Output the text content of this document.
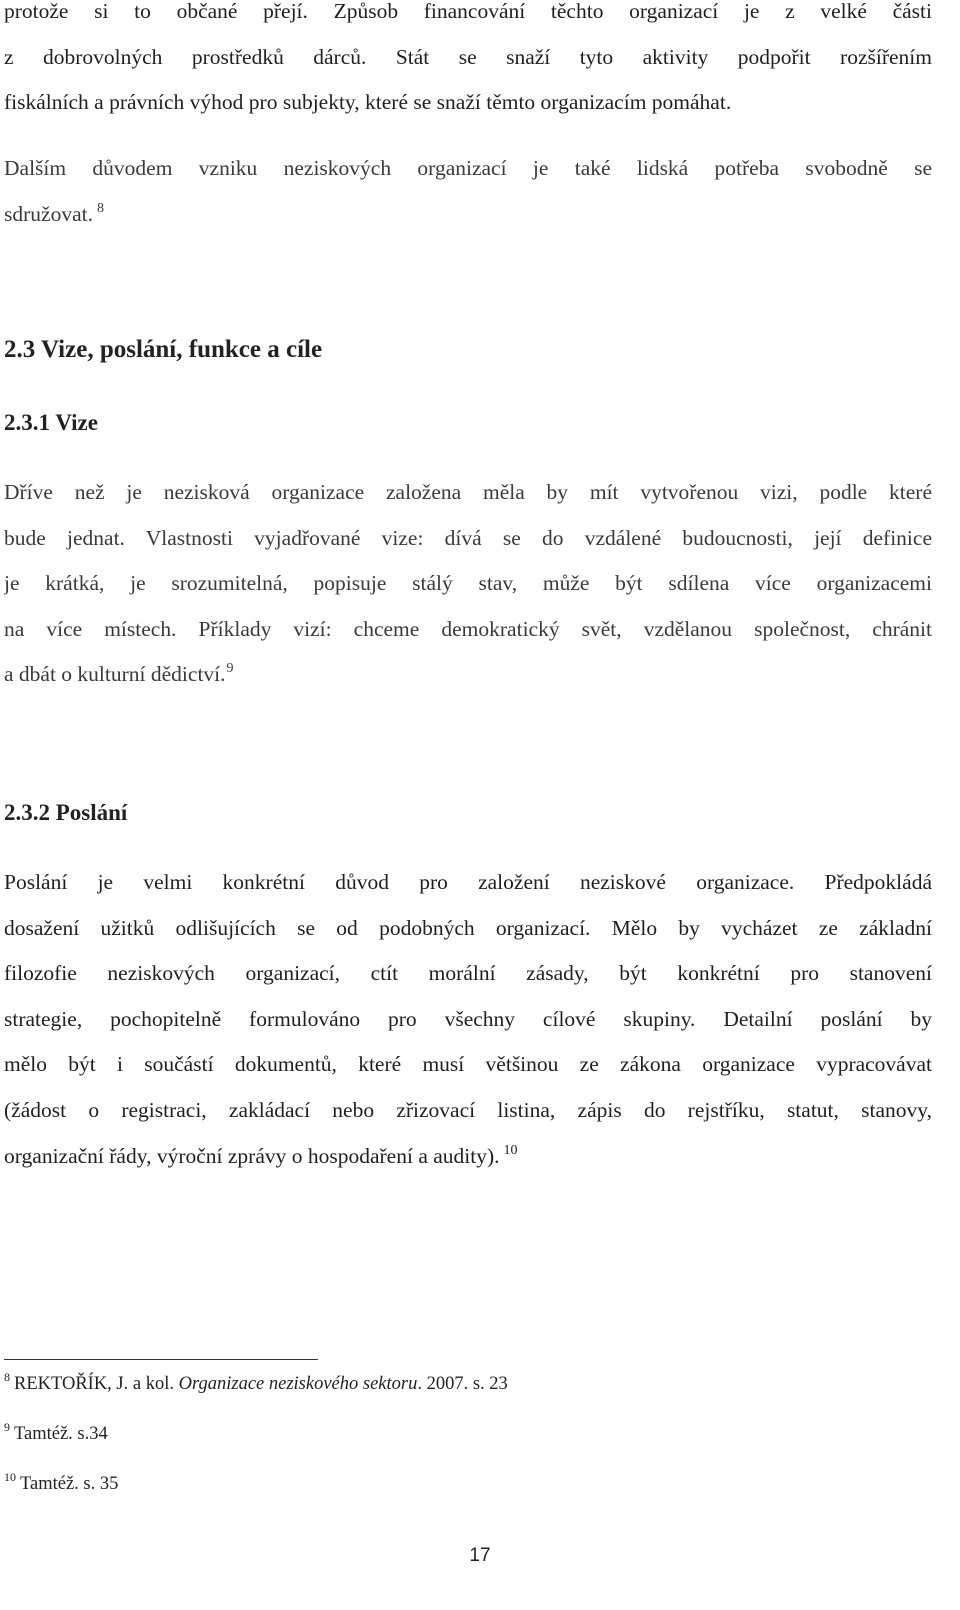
protože si to občané přejí. Způsob financování těchto organizací je z velké části
z dobrovolných prostředků dárců. Stát se snaží tyto aktivity podpořit rozšířením
fiskálních a právních výhod pro subjekty, které se snaží těmto organizacím pomáhat.
Dalším důvodem vzniku neziskových organizací je také lidská potřeba svobodně se
sdružovat. $^8$
2.3 Vize, poslání, funkce a cíle
2.3.1 Vize
Dříve než je nezisková organizace založena měla by mít vytvořenou vizi, podle které
bude jednat. Vlastnosti vyjadřované vize: dívá se do vzdálené budoucnosti, její definice
je krátká, je srozumitelná, popisuje stálý stav, může být sdílena více organizacemi
na více místech. Příklady vizí: chceme demokratický svět, vzdělanou společnost, chránit
a dbát o kulturní dědictví.$^9$
2.3.2 Poslání
Poslání je velmi konkrétní důvod pro založení neziskové organizace. Předpokládá
dosažení užitků odlišujících se od podobných organizací. Mělo by vycházet ze základní
filozofie neziskových organizací, ctít morální zásady, být konkrétní pro stanovení
strategie, pochopitelně formulováno pro všechny cílové skupiny. Detailní poslání by
mělo být i součástí dokumentů, které musí většinou ze zákona organizace vypracovávat
(žádost o registraci, zakládací nebo zřizovací listina, zápis do rejstříku, statut, stanovy,
organizační řády, výroční zprávy o hospodaření a audity). $^{10}$
$^8$ REKTOŘÍK, J. a kol. Organizace neziskového sektoru. 2007. s. 23
$^9$ Tamtéž. s.34
$^{10}$ Tamtéž. s. 35
17
